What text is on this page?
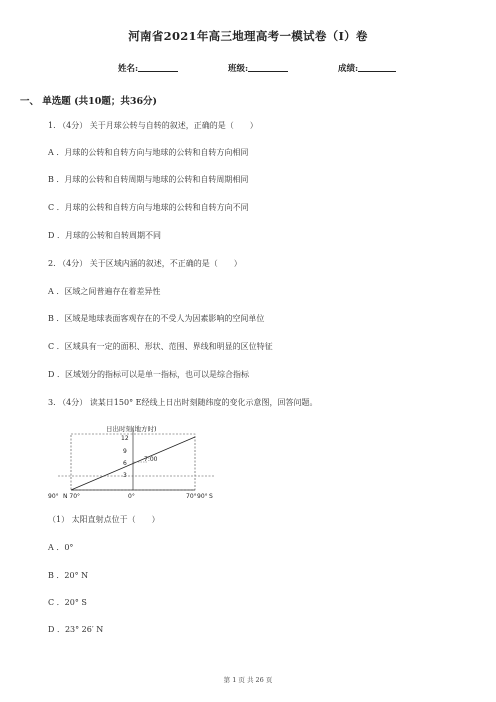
河南省2021年高三地理高考一模试卷（I）卷
姓名:	班级:	成绩:
一、 单选题 (共10题；共36分)
1. （4分） 关于月球公转与自转的叙述，正确的是（　　）
A ．月球的公转和自转方向与地球的公转和自转方向相同
B ．月球的公转和自转周期与地球的公转和自转周期相同
C ．月球的公转和自转方向与地球的公转和自转方向不同
D ．月球的公转和自转周期不同
2. （4分） 关于区域内涵的叙述，不正确的是（　　）
A ．区域之间普遍存在着差异性
B ．区域是地球表面客观存在的不受人为因素影响的空间单位
C ．区域具有一定的面积、形状、范围、界线和明显的区位特征
D ．区域划分的指标可以是单一指标，也可以是综合指标
3. （4分） 读某日150° E经线上日出时刻随纬度的变化示意图，回答问题。
日出时刻(地方时)
12
9
6
3
7:00
90° N 70°	0°	70° 90° S
（1） 太阳直射点位于（　　）
A ．0°
B ．20° N
C ．20° S
D ．23° 26′ N
第 1 页 共 26 页
